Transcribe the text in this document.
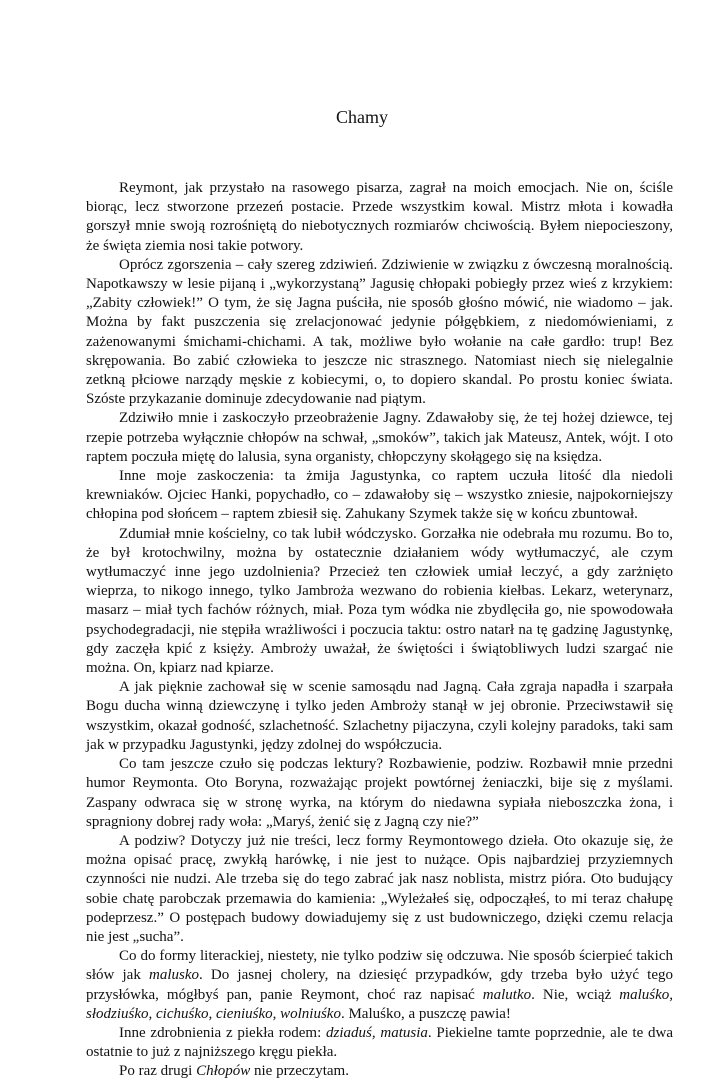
Chamy

Reymont, jak przystało na rasowego pisarza, zagrał na moich emocjach. Nie on, ściśle biorąc, lecz stworzone przezeń postacie. Przede wszystkim kowal. Mistrz młota i kowadła gorszył mnie swoją rozrośniętą do niebotycznych rozmiarów chciwością. Byłem niepocieszony, że święta ziemia nosi takie potwory.

Oprócz zgorszenia – cały szereg zdziwień. Zdziwienie w związku z ówczesną moralnością. Napotkawszy w lesie pijaną i „wykorzystaną” Jagusię chłopaki pobiegły przez wieś z krzykiem: „Zabity człowiek!” O tym, że się Jagna puściła, nie sposób głośno mówić, nie wiadomo – jak. Można by fakt puszczenia się zrelacjonować jedynie półgębkiem, z niedomówieniami, z zażenowanymi śmichami-chichami. A tak, możliwe było wołanie na całe gardło: trup! Bez skrępowania. Bo zabić człowieka to jeszcze nic strasznego. Natomiast niech się nielegalnie zetkną płciowe narządy męskie z kobiecymi, o, to dopiero skandal. Po prostu koniec świata. Szóste przykazanie dominuje zdecydowanie nad piątym.

Zdziwiło mnie i zaskoczyło przeobrażenie Jagny. Zdawałoby się, że tej hożej dziewce, tej rzepie potrzeba wyłącznie chłopów na schwał, „smoków”, takich jak Mateusz, Antek, wójt. I oto raptem poczuła miętę do lalusia, syna organisty, chłopczyny skołągego się na księdza.

Inne moje zaskoczenia: ta żmija Jagustynka, co raptem uczuła litość dla niedoli krewniaków. Ojciec Hanki, popychadło, co – zdawałoby się – wszystko zniesie, najpokorniejszy chłopina pod słońcem – raptem zbiesił się. Zahukany Szymek także się w końcu zbuntował.

Zdumiał mnie kościelny, co tak lubił wódczysko. Gorzałka nie odebrała mu rozumu. Bo to, że był krotochwilny, można by ostatecznie działaniem wódy wytłumaczyć, ale czym wytłumaczyć inne jego uzdolnienia? Przecież ten człowiek umiał leczyć, a gdy zarżnięto wieprza, to nikogo innego, tylko Jambroża wezwano do robienia kiełbas. Lekarz, weterynarz, masarz – miał tych fachów różnych, miał. Poza tym wódka nie zbydlęciła go, nie spowodowała psychodegradacji, nie stępiła wrażliwości i poczucia taktu: ostro natarł na tę gadzinę Jagustynkę, gdy zaczęła kpić z księży. Ambroży uważał, że świętości i świątobliwych ludzi szargać nie można. On, kpiarz nad kpiarze.

A jak pięknie zachował się w scenie samosądu nad Jagną. Cała zgraja napadła i szarpała Bogu ducha winną dziewczynę i tylko jeden Ambroży stanął w jej obronie. Przeciwstawił się wszystkim, okazał godność, szlachetność. Szlachetny pijaczyna, czyli kolejny paradoks, taki sam jak w przypadku Jagustynki, jędzy zdolnej do współczucia.

Co tam jeszcze czuło się podczas lektury? Rozbawienie, podziw. Rozbawił mnie przedni humor Reymonta. Oto Boryna, rozważając projekt powtórnej żeniaczki, bije się z myślami. Zaspany odwraca się w stronę wyrka, na którym do niedawna sypiała nieboszczka żona, i spragniony dobrej rady woła: „Maryś, żenić się z Jagną czy nie?”

A podziw? Dotyczy już nie treści, lecz formy Reymontowego dzieła. Oto okazuje się, że można opisać pracę, zwykłą harówkę, i nie jest to nużące. Opis najbardziej przyziemnych czynności nie nudzi. Ale trzeba się do tego zabrać jak nasz noblista, mistrz pióra. Oto budujący sobie chatę parobczak przemawia do kamienia: „Wyleżałeś się, odpocząłeś, to mi teraz chałupę podeprzesz.” O postępach budowy dowiadujemy się z ust budowniczego, dzięki czemu relacja nie jest „sucha”.

Co do formy literackiej, niestety, nie tylko podziw się odczuwa. Nie sposób ścierpieć takich słów jak malusko. Do jasnej cholery, na dziesięć przypadków, gdy trzeba było użyć tego przysłówka, mógłbyś pan, panie Reymont, choć raz napisać malutko. Nie, wciąż maluśko, słodziuśko, cichuśko, cieniuśko, wolniuśko. Maluśko, a puszczę pawia!

Inne zdrobnienia z piekła rodem: dziaduś, matusia. Piekielne tamte poprzednie, ale te dwa ostatnie to już z najniższego kręgu piekła.

Po raz drugi Chłopów nie przeczytam.
